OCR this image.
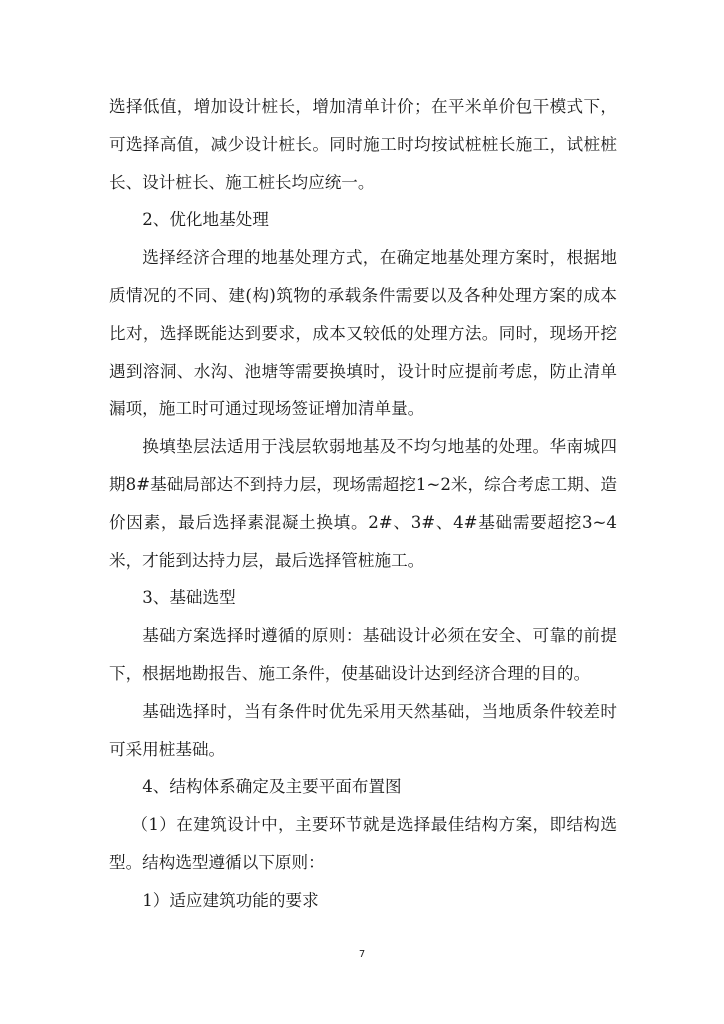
选择低值，增加设计桩长，增加清单计价；在平米单价包干模式下，可选择高值，减少设计桩长。同时施工时均按试桩桩长施工，试桩桩长、设计桩长、施工桩长均应统一。

2、优化地基处理

选择经济合理的地基处理方式，在确定地基处理方案时，根据地质情况的不同、建(构)筑物的承载条件需要以及各种处理方案的成本比对，选择既能达到要求，成本又较低的处理方法。同时，现场开挖遇到溶洞、水沟、池塘等需要换填时，设计时应提前考虑，防止清单漏项，施工时可通过现场签证增加清单量。

换填垫层法适用于浅层软弱地基及不均匀地基的处理。华南城四期8#基础局部达不到持力层，现场需超挖1~2米，综合考虑工期、造价因素，最后选择素混凝土换填。2#、3#、4#基础需要超挖3~4米，才能到达持力层，最后选择管桩施工。

3、基础选型

基础方案选择时遵循的原则：基础设计必须在安全、可靠的前提下，根据地勘报告、施工条件，使基础设计达到经济合理的目的。

基础选择时，当有条件时优先采用天然基础，当地质条件较差时可采用桩基础。

4、结构体系确定及主要平面布置图

（1）在建筑设计中，主要环节就是选择最佳结构方案，即结构选型。结构选型遵循以下原则：

1）适应建筑功能的要求

7
